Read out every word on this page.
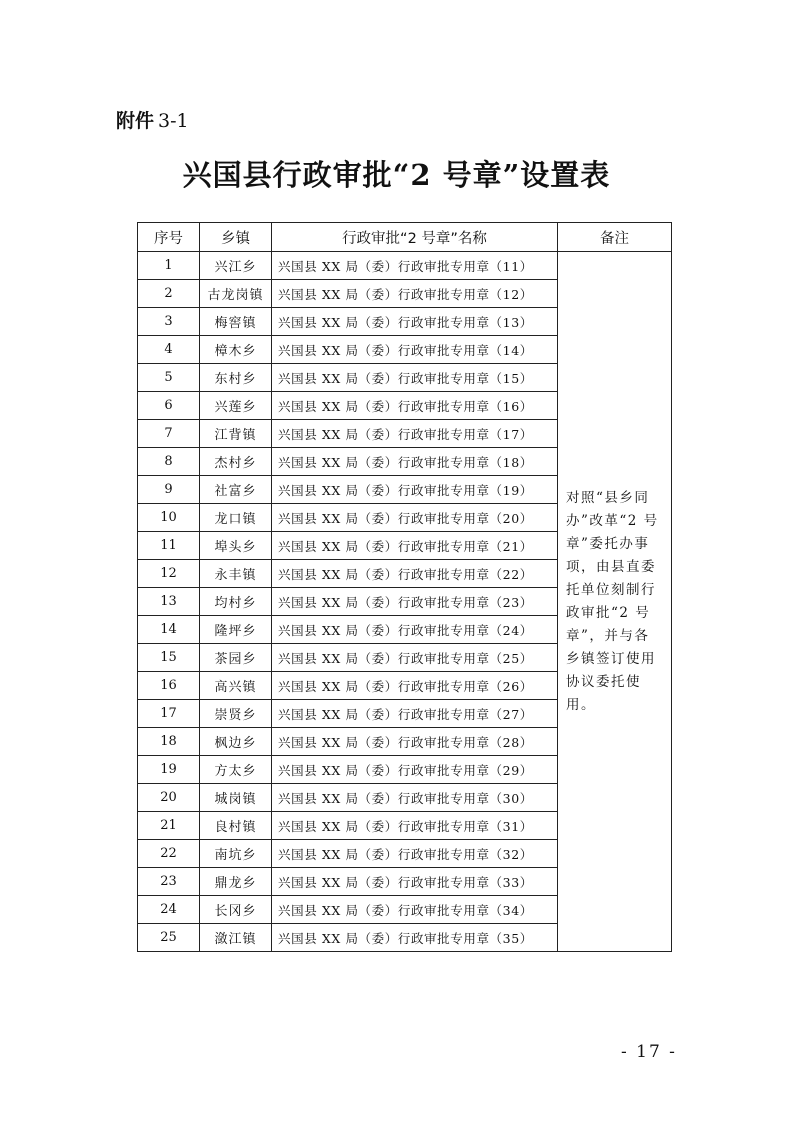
附件 3-1
兴国县行政审批“2 号章”设置表
序号	乡镇	行政审批“2 号章”名称	备注
1	兴江乡	兴国县 XX 局（委）行政审批专用章（11）	对照“县乡同办”改革“2 号章”委托办事项，由县直委托单位刻制行政审批“2 号章”，并与各乡镇签订使用协议委托使用。
2	古龙岗镇	兴国县 XX 局（委）行政审批专用章（12）	
3	梅窖镇	兴国县 XX 局（委）行政审批专用章（13）	
4	樟木乡	兴国县 XX 局（委）行政审批专用章（14）	
5	东村乡	兴国县 XX 局（委）行政审批专用章（15）	
6	兴莲乡	兴国县 XX 局（委）行政审批专用章（16）	
7	江背镇	兴国县 XX 局（委）行政审批专用章（17）	
8	杰村乡	兴国县 XX 局（委）行政审批专用章（18）	
9	社富乡	兴国县 XX 局（委）行政审批专用章（19）	
10	龙口镇	兴国县 XX 局（委）行政审批专用章（20）	
11	埠头乡	兴国县 XX 局（委）行政审批专用章（21）	
12	永丰镇	兴国县 XX 局（委）行政审批专用章（22）	
13	均村乡	兴国县 XX 局（委）行政审批专用章（23）	
14	隆坪乡	兴国县 XX 局（委）行政审批专用章（24）	
15	茶园乡	兴国县 XX 局（委）行政审批专用章（25）	
16	高兴镇	兴国县 XX 局（委）行政审批专用章（26）	
17	崇贤乡	兴国县 XX 局（委）行政审批专用章（27）	
18	枫边乡	兴国县 XX 局（委）行政审批专用章（28）	
19	方太乡	兴国县 XX 局（委）行政审批专用章（29）	
20	城岗镇	兴国县 XX 局（委）行政审批专用章（30）	
21	良村镇	兴国县 XX 局（委）行政审批专用章（31）	
22	南坑乡	兴国县 XX 局（委）行政审批专用章（32）	
23	鼎龙乡	兴国县 XX 局（委）行政审批专用章（33）	
24	长冈乡	兴国县 XX 局（委）行政审批专用章（34）	
25	潋江镇	兴国县 XX 局（委）行政审批专用章（35）	
- 17 -
